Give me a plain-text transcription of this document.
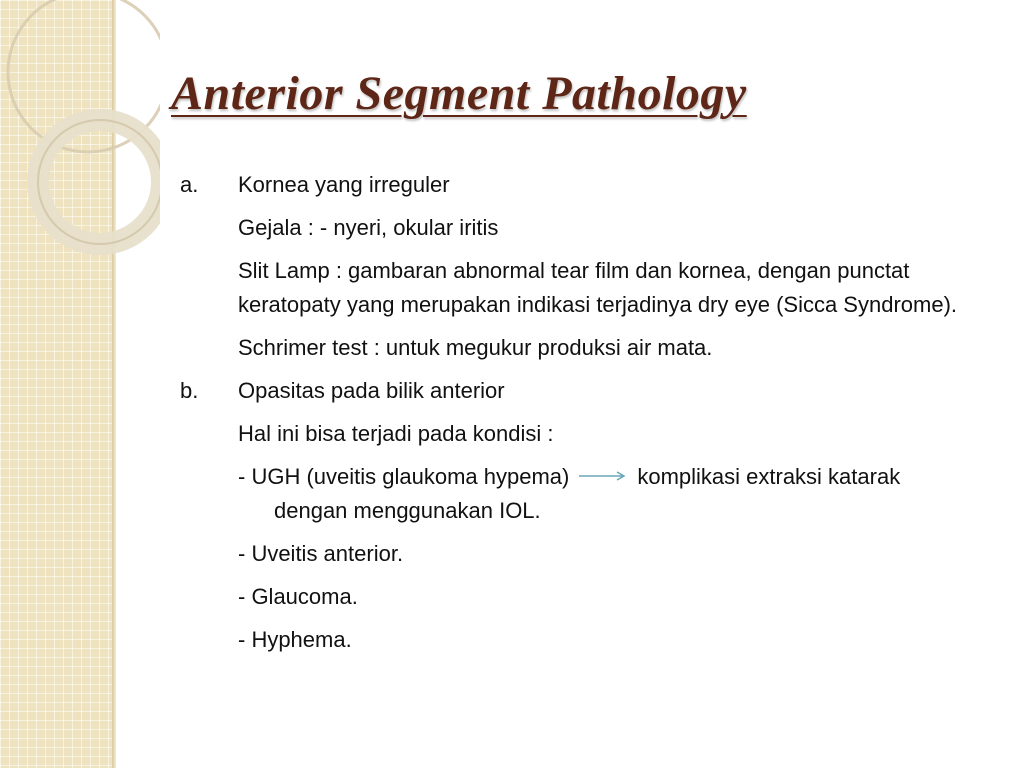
Anterior Segment Pathology
a.	Kornea yang irreguler
Gejala : - nyeri, okular iritis
Slit Lamp : gambaran abnormal tear film dan kornea, dengan punctat keratopaty yang merupakan indikasi terjadinya dry eye (Sicca Syndrome).
Schrimer test : untuk megukur produksi air mata.
b.	Opasitas pada bilik anterior
Hal ini bisa terjadi pada kondisi :
- UGH (uveitis glaukoma hypema)	komplikasi extraksi katarak dengan menggunakan IOL.
- Uveitis anterior.
- Glaucoma.
- Hyphema.
